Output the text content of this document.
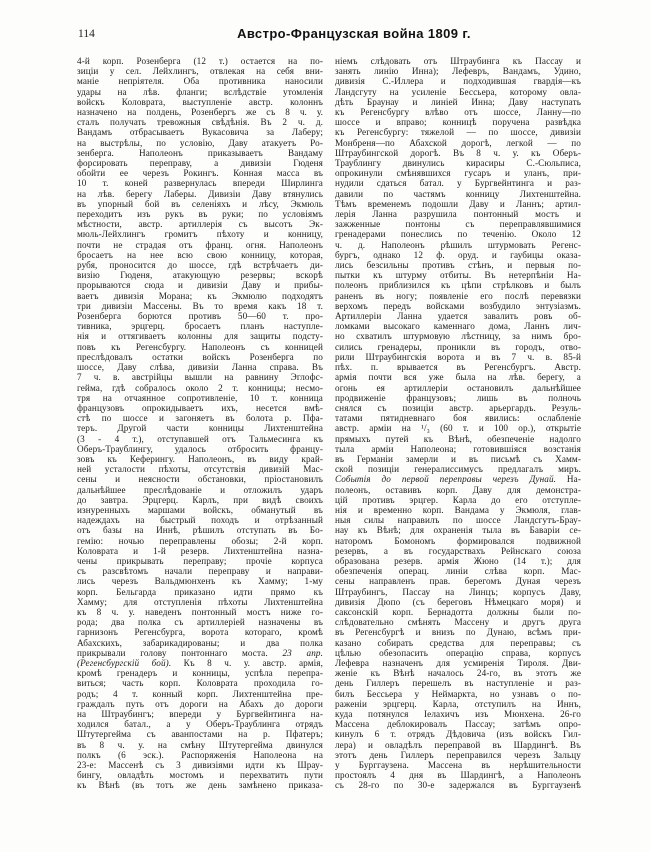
114	Австро-Французская война 1809 г.
4-й корп. Розенберга (12 т.) остается на по-
зиціи у сел. Лейхлингъ, отвлекая на себя вни-
маніе непріятеля. Оба противника наносили
удары на лѣв. фланги; вслѣдствіе утомленія
войскъ Коловрата, выступленіе австр. колоннъ
назначено на полдень, Розенбергъ же съ 8 ч. у.
сталъ получать тревожныя свѣдѣнія. Въ 2 ч. д.
Вандамъ отбрасываетъ Вукасовича за Лаберу;
на выстрѣлы, по условію, Даву атакуетъ Ро-
зенберга. Наполеонъ приказываетъ Вандаму
форсировать переправу, а дивизіи Гюденя
обойти ее черезъ Рокингъ. Конная масса въ
10 т. коней развернулась впереди Ширлинга
на лѣв. берегу Лаберы. Дивизіи Даву втянулись
въ упорный бой въ селеніяхъ и лѣсу, Экмюль
переходитъ изъ рукъ въ руки; по условіямъ
мѣстности, австр. артиллерія съ высотъ Эк-
мюль-Лейхлингъ громитъ пѣхоту и конницу,
почти не страдая отъ франц. огня. Наполеонъ
бросаетъ на нее всю свою конницу, которая,
рубя, проносится до шоссе, гдѣ встрѣчаетъ ди-
визію Гюденя, атакующую резервы; вскорѣ
прорываются сюда и дивизіи Даву и прибы-
ваетъ дивизія Морана; къ Экмюлю подходятъ
три дивизіи Массены. Въ то время какъ 18 т.
Розенберга борются противъ 50—60 т. про-
тивника, эрцгерц. бросаетъ планъ наступле-
нія и оттягиваетъ колонны для защиты подсту-
повъ къ Регенсбургу. Наполеонъ съ конницей
преслѣдовалъ остатки войскъ Розенберга по
шоссе, Даву слѣва, дивизіи Ланна справа. Въ
7 ч. в. австрійцы вышли на равнину Эглофс-
гейма, гдѣ собралось около 2 т. конницы; несмо-
тря на отчаянное сопротивленіе, 10 т. конница
французовъ опрокидываетъ ихъ, несется вмѣ-
стѣ по шоссе и загоняетъ въ болота р. Пфа-
теръ. Другой части конницы Лихтенштейна
(3 - 4 т.), отступавшей отъ Тальмесинга къ
Оберъ-Траублингу, удалось отбросить францу-
зовъ къ Кеферингу. Наполеонъ, въ виду край-
ней усталости пѣхоты, отсутствія дивизій Мас-
сены и неясности обстановки, пріостановилъ
дальнѣйшее преслѣдованіе и отложилъ ударъ
до завтра. Эрцгерц. Карлъ, при видѣ своихъ
изнуренныхъ маршами войскъ, обманутый въ
надеждахъ на быстрый походъ и отрѣзанный
отъ базы на Иннѣ, рѣшилъ отступать въ Бо-
гемію: ночью переправлены обозы; 2-й корп.
Коловрата и 1-й резерв. Лихтенштейна назна-
чены прикрывать переправу; прочіе корпуса
съ разсвѣтомъ начали переправу и направи-
лись черезъ Вальдмюнхенъ къ Хамму; 1-му
корп. Бельгарда приказано идти прямо къ
Хамму; для отступленія пѣхоты Лихтенштейна
къ 8 ч. у. наведенъ понтонный мостъ ниже го-
рода; два полка съ артиллеріей назначены въ
гарнизонъ Регенсбурга, ворота котораго, кромѣ
Абахскихъ, забарикадированы; и два полка
прикрывали голову понтоннаго моста. 23 апр.
(Регенсбургскій бой). Къ 8 ч. у. австр. армія,
кромѣ гренадеръ и конницы, успѣла перепра-
виться; часть корп. Коловрата проходила го-
родъ; 4 т. конный корп. Лихтенштейна пре-
граждалъ путь отъ дороги на Абахъ до дороги
на Штраубингъ; впереди у Бургвейнтинга на-
ходился батал., а у Оберъ-Траублинга отрядъ
Штутергейма съ аванпостами на р. Пфатеръ;
въ 8 ч. у. на смѣну Штутергейма двинулся
полкъ (6 эск.). Распоряженія Наполеона на
23-е: Массенѣ съ 3 дивизіями идти къ Шрау-
бингу, овладѣть мостомъ и перехватить пути
къ Вѣнѣ (въ тотъ же день замѣнено приказа-
ніемъ слѣдовать отъ Штраубинга къ Пассау и
занять линію Инна); Лефевръ, Вандамъ, Удино,
дивизія С.-Иллера и подходившая гвардія—къ
Ландсгуту на усиленіе Бессьера, которому овла-
дѣть Браунау и линіей Инна; Даву наступать
къ Регенсбургу влѣво отъ шоссе, Ланну—по
шоссе и вправо; конницѣ поручена развѣдка
къ Регенсбургу: тяжелой — по шоссе, дивизіи
Монбреня—по Абахской дорогѣ, легкой — по
Штраубингской дорогѣ. Въ 8 ч. у. къ Оберъ-
Траублингу двинулись кирасиры С.-Сюльписа,
опрокинули смѣнявшихся гусаръ и уланъ, при-
нудили сдаться батал. у Бургвейнтинга и раз-
давили по частямъ конницу Лихтенштейна.
Тѣмъ временемъ подошли Даву и Ланнъ; артил-
лерія Ланна разрушила понтонный мостъ и
зажженные понтоны съ переправлявшимися
гренадерами понеслись по теченію. Около 12
ч. д. Наполеонъ рѣшилъ штурмовать Регенс-
бургъ, однако 12 ф. оруд. и гаубицы оказа-
лись безсильны противъ стѣнъ, и первыя по-
пытки къ штурму отбиты. Въ нетерпѣніи На-
полеонъ приблизился къ цѣпи стрѣлковъ и былъ
раненъ въ ногу; появленіе его послѣ перевязки
верхомъ передъ войсками возбудило энтузіазмъ.
Артиллеріи Ланна удается завалить ровъ об-
ломками высокаго каменнаго дома, Ланнъ лич-
но схватилъ штурмовую лѣстницу, за нимъ бро-
сились гренадеры, проникли въ городъ, отво-
рили Штраубингскія ворота и въ 7 ч. в. 85-й
пѣх. п. врывается въ Регенсбургъ. Австр.
армія почти вся уже была на лѣв. берегу, а
огонь ея артиллеріи остановилъ дальнѣйшее
продвиженіе французовъ; лишь въ полночь
снялся съ позиціи австр. арьергардъ. Резуль-
татами пятидневнаго боя явились: ослабленіе
австр. арміи на ¹/₃ (60 т. и 100 ор.), открытіе
прямыхъ путей къ Вѣнѣ, обезпеченіе надолго
тыла арміи Наполеона; готовившіяся возстанія
въ Германіи замерли и въ письмѣ съ Хамм-
ской позиціи генералиссимусъ предлагалъ миръ.
Событія до первой переправы черезъ Дунай. На-
полеонъ, оставивъ корп. Даву для демонстра-
цій противъ эрцгер. Карла до его отступле-
нія и временно корп. Вандама у Экмюля, глав-
ныя силы направилъ по шоссе Ландсгутъ-Брау-
нау къ Вѣнѣ; для охраненія тыла въ Баваріи се-
наторомъ Бомономъ формировался подвижной
резервъ, а въ государствахъ Рейнскаго союза
образована резерв. армія Жюно (14 т.); для
обезпеченія операц. линіи слѣва корп. Мас-
сены направленъ прав. берегомъ Дуная черезъ
Штраубингъ, Пассау на Линцъ; корпусъ Даву,
дивизія Дюпо (съ береговъ Нѣмецкаго моря) и
саксонскій корп. Бернадотта должны были по-
слѣдовательно смѣнять Массену и другъ друга
въ Регенсбургѣ и внизъ по Дунаю, всѣмъ при-
казано собирать средства для переправы; съ
цѣлью обезопасить операцію справа, корпусъ
Лефевра назначенъ для усмиренія Тироля. Дви-
женіе къ Вѣнѣ началось 24-го, въ этотъ же
день Гиллеръ перешелъ въ наступленіе и раз-
билъ Бессьера у Неймаркта, но узнавъ о по-
раженіи эрцгерц. Карла, отступилъ на Иннъ,
куда потянулся Іелахичъ изъ Мюнхена. 26-го
Массена деблокировалъ Пассау; затѣмъ опро-
кинулъ 6 т. отрядъ Дѣдовича (изъ войскъ Гил-
лера) и овладѣлъ переправой въ Шардингѣ. Въ
этотъ день Гиллеръ переправился черезъ Зальцу
у Бурггаузена. Массена въ нерѣшительности
простоялъ 4 дня въ Шардингѣ, а Наполеонъ
съ 28-го по 30-е задержался въ Бурггаузенѣ
